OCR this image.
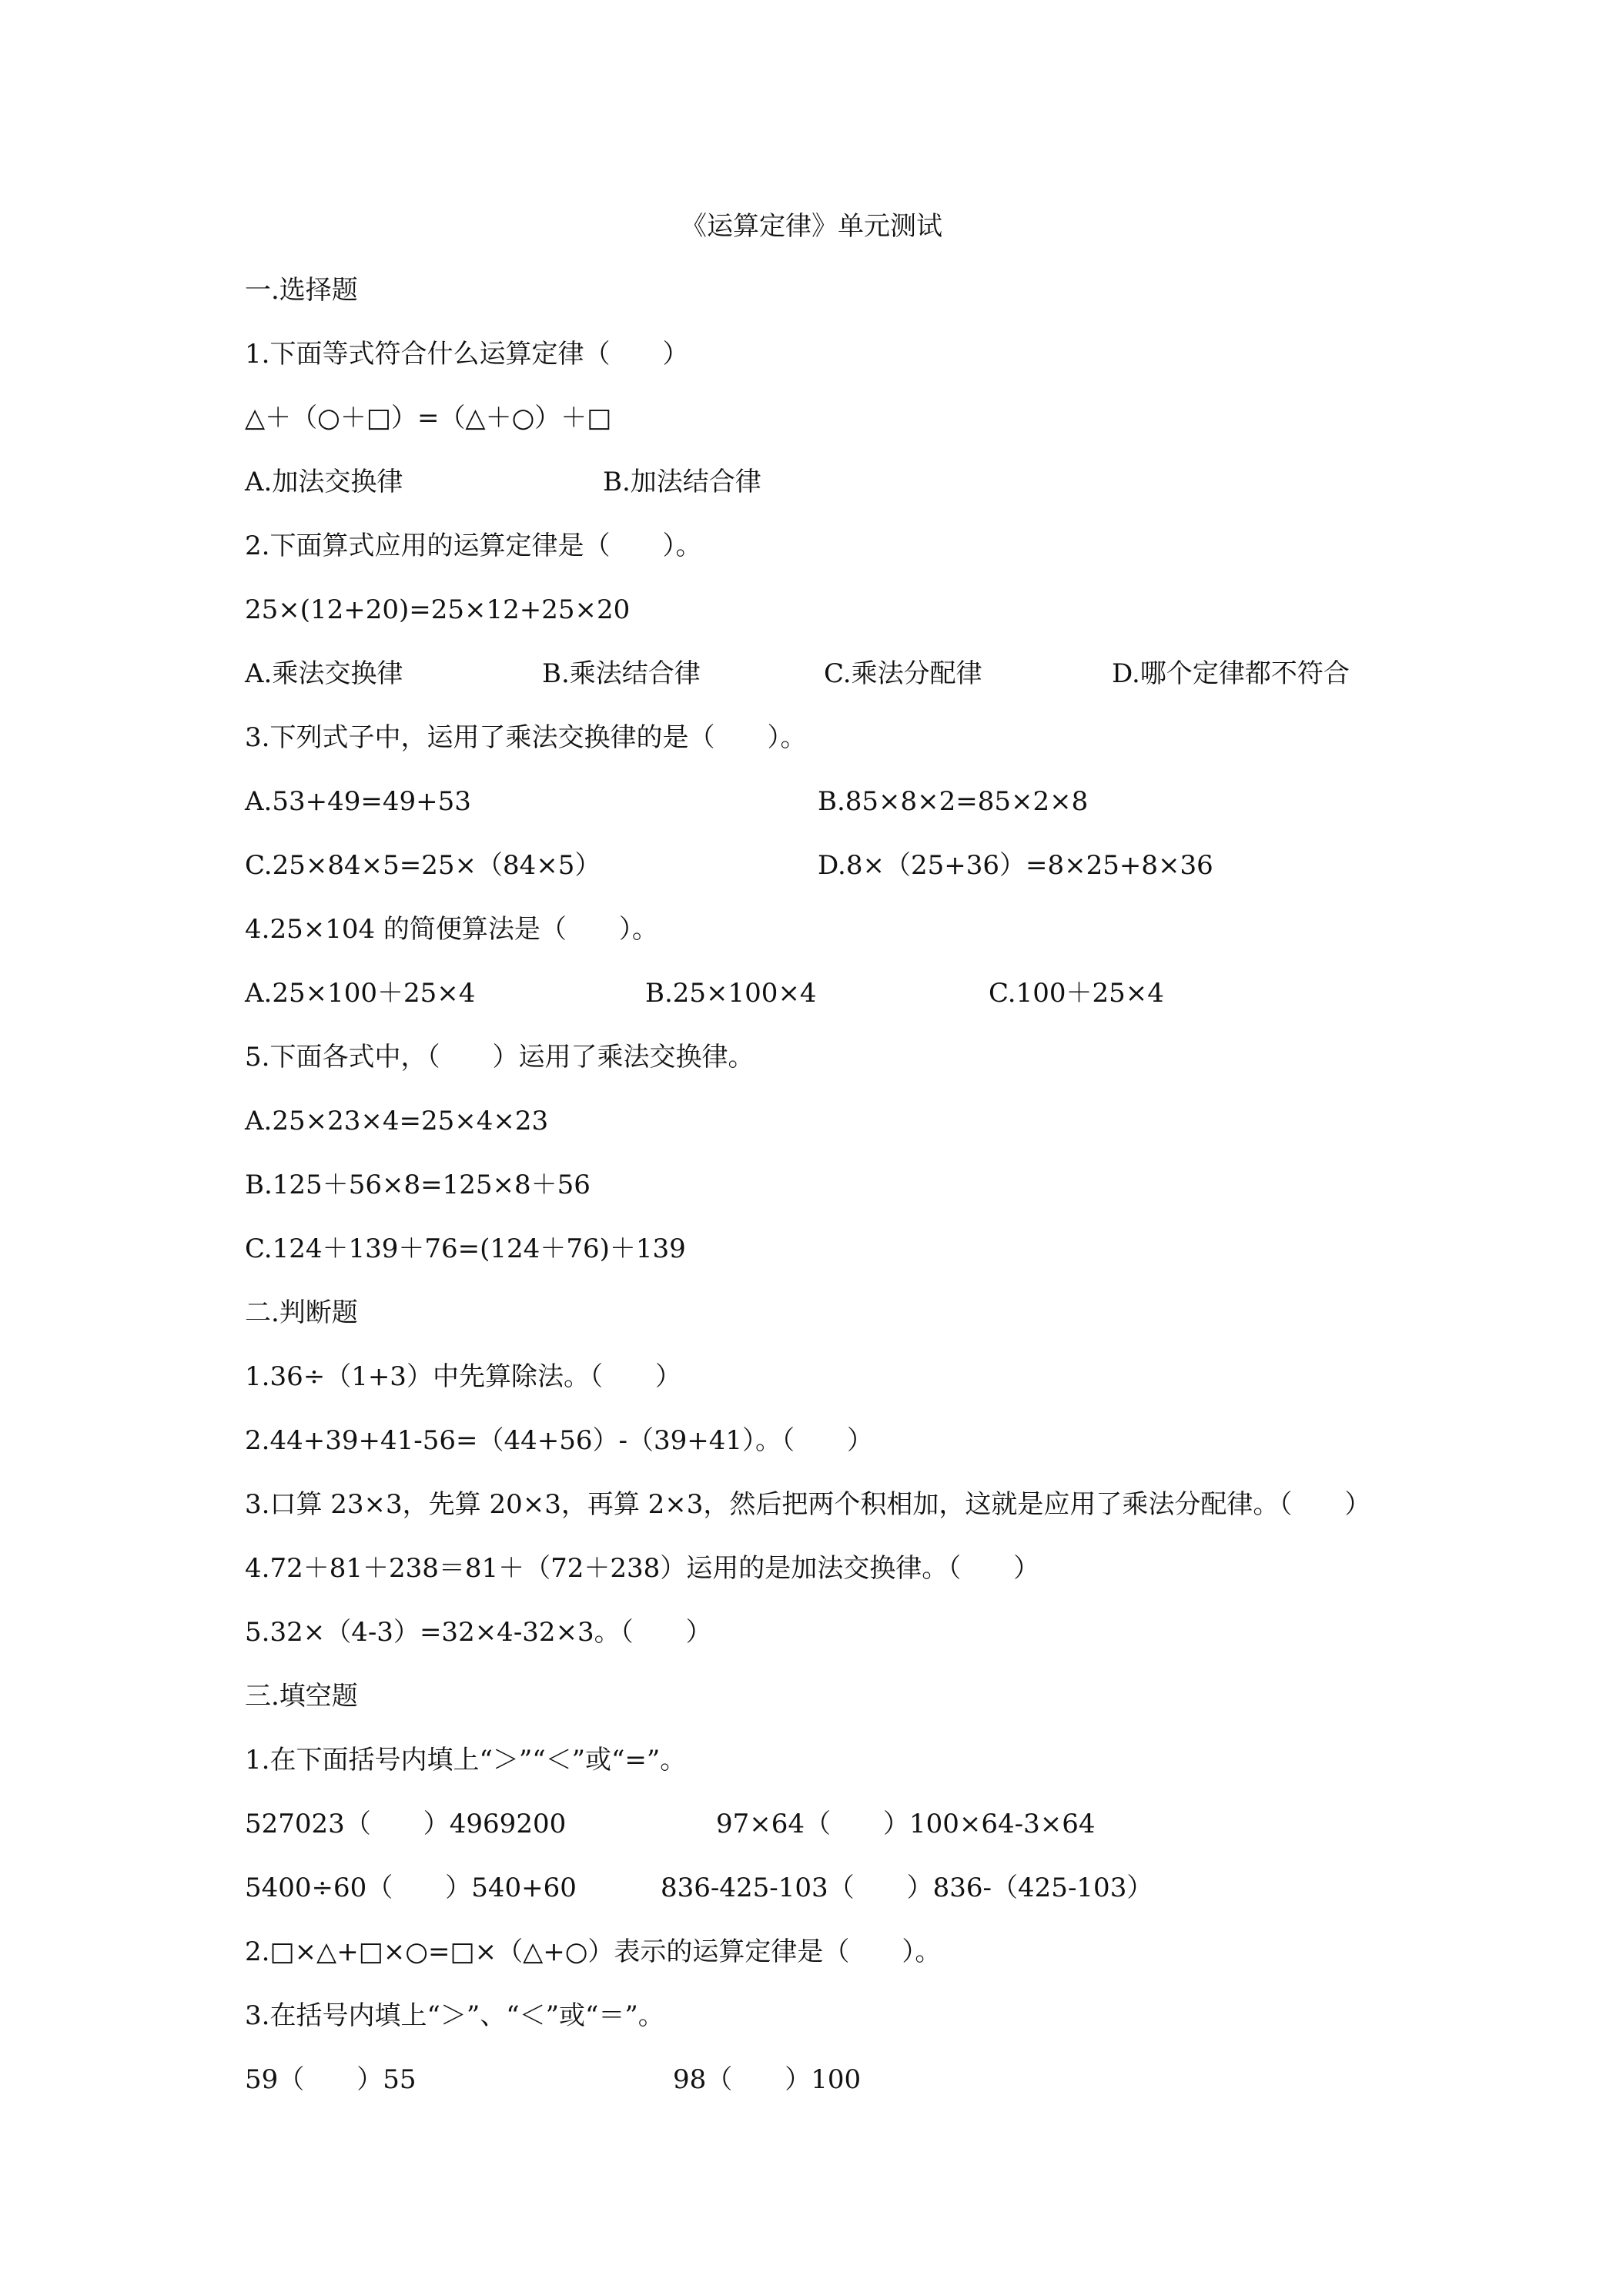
《运算定律》单元测试
一.选择题
1.下面等式符合什么运算定律（　　）
△＋（○＋□）=（△＋○）＋□

A.加法交换律

	B.加法结合律

2.下面算式应用的运算定律是（　　）。
25×(12+20)=25×12+25×20

A.乘法交换律

	B.乘法结合律

	C.乘法分配律

	D.哪个定律都不符合

3.下列式子中，运用了乘法交换律的是（　　）。

A.53+49=49+53

	B.85×8×2=85×2×8

C.25×84×5=25×（84×5）

	D.8×（25+36）=8×25+8×36

4.25×104 的简便算法是（　　）。

A.25×100＋25×4

	B.25×100×4

	C.100＋25×4

5.下面各式中，（　　）运用了乘法交换律。
A.25×23×4=25×4×23
B.125＋56×8=125×8＋56
C.124＋139＋76=(124＋76)＋139
二.判断题
1.36÷（1+3）中先算除法。（　　）
2.44+39+41-56=（44+56）-（39+41）。（　　）
3.口算 23×3，先算 20×3，再算 2×3，然后把两个积相加，这就是应用了乘法分配律。（　　）
4.72＋81＋238＝81＋（72＋238）运用的是加法交换律。（　　）
5.32×（4-3）=32×4-32×3。（　　）
三.填空题
1.在下面括号内填上“＞”“＜”或“=”。

527023（　　）4969200

	97×64（　　）100×64-3×64

5400÷60（　　）540+60

	836-425-103（　　）836-（425-103）

2.□×△+□×○=□×（△+○）表示的运算定律是（　　）。
3.在括号内填上“＞”、“＜”或“＝”。

59（　　）55

	98（　　）100
